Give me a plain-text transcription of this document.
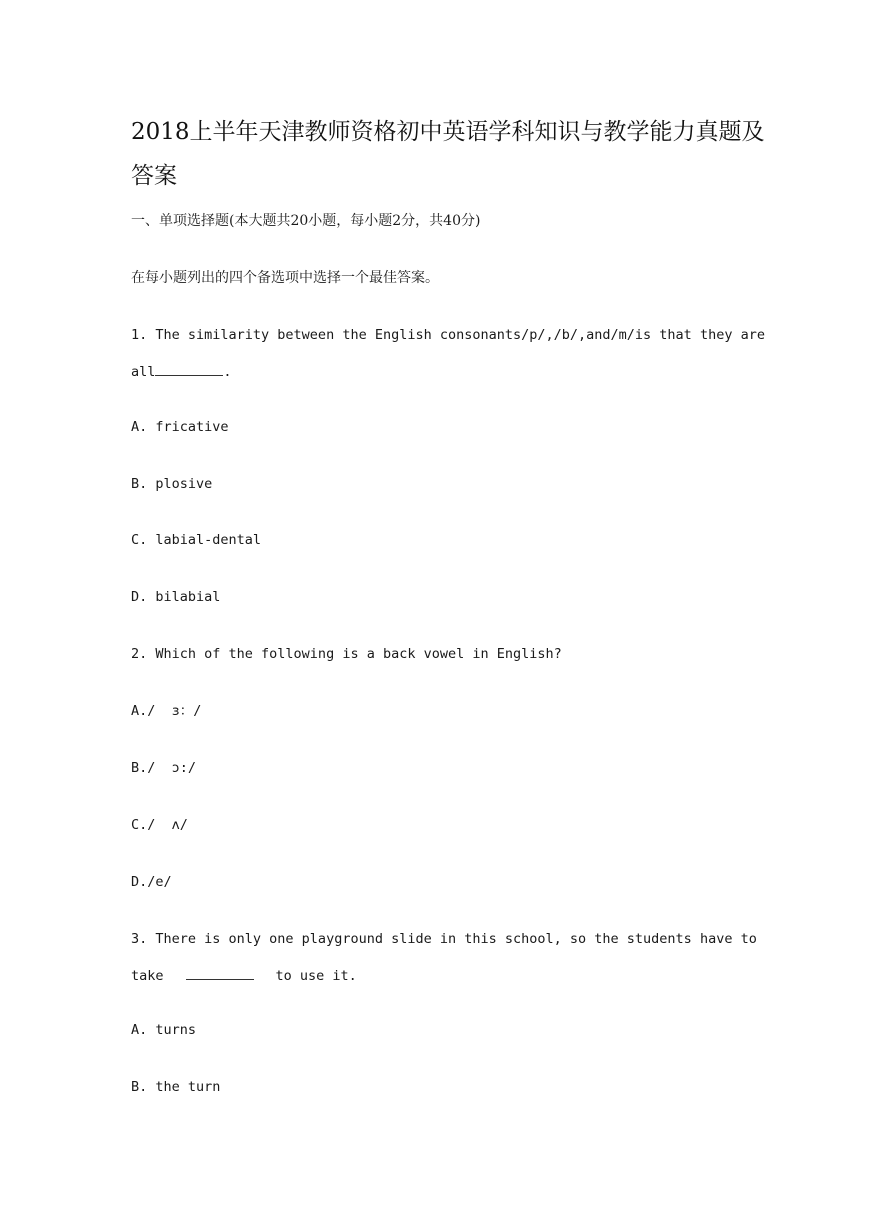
2018上半年天津教师资格初中英语学科知识与教学能力真题及答案

一、单项选择题(本大题共20小题，每小题2分，共40分)

在每小题列出的四个备选项中选择一个最佳答案。

1. The similarity between the English consonants/p/,/b/,and/m/is that they are

all	.

A. fricative

B. plosive

C. labial-dental

D. bilabial

2. Which of the following is a back vowel in English?

A./  ɜ：/

B./  ɔ:/

C./  ʌ/

D./e/

3. There is only one playground slide in this school, so the students have to

take	to use it.

A. turns

B. the turn
